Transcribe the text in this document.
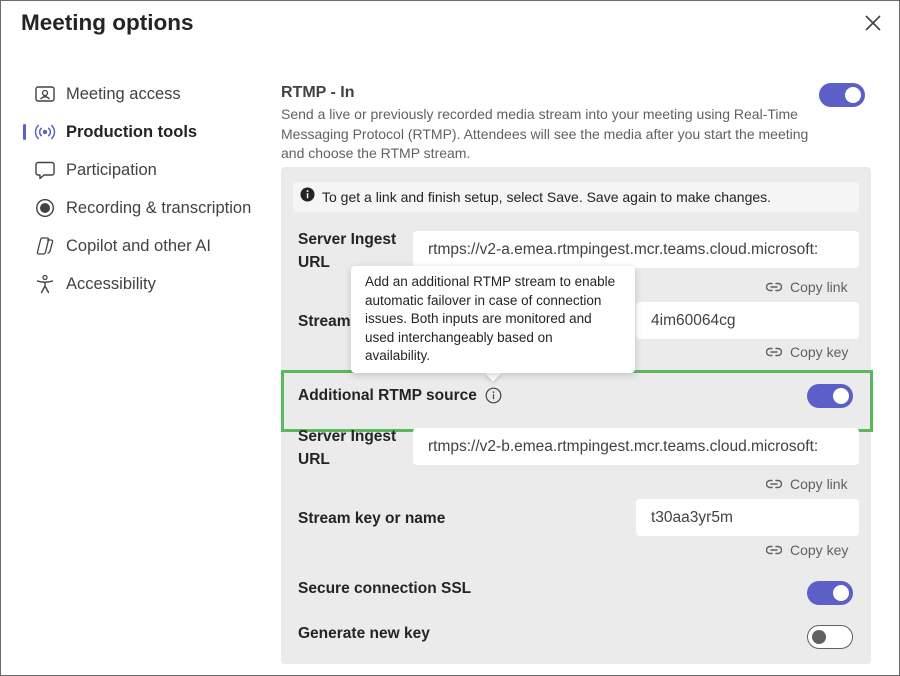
Meeting options
Meeting access
Production tools
Participation
Recording & transcription
Copilot and other AI
Accessibility
RTMP - In
Send a live or previously recorded media stream into your meeting using Real-Time Messaging Protocol (RTMP). Attendees will see the media after you start the meeting and choose the RTMP stream.
To get a link and finish setup, select Save. Save again to make changes.
Server Ingest URL
rtmps://v2-a.emea.rtmpingest.mcr.teams.cloud.microsoft:
Copy link
Stream	4im60064cg
Copy key
Additional RTMP source
Server Ingest URL
rtmps://v2-b.emea.rtmpingest.mcr.teams.cloud.microsoft:
Copy link
Stream key or name	t30aa3yr5m
Copy key
Secure connection SSL
Generate new key
Add an additional RTMP stream to enable automatic failover in case of connection issues. Both inputs are monitored and used interchangeably based on availability.
